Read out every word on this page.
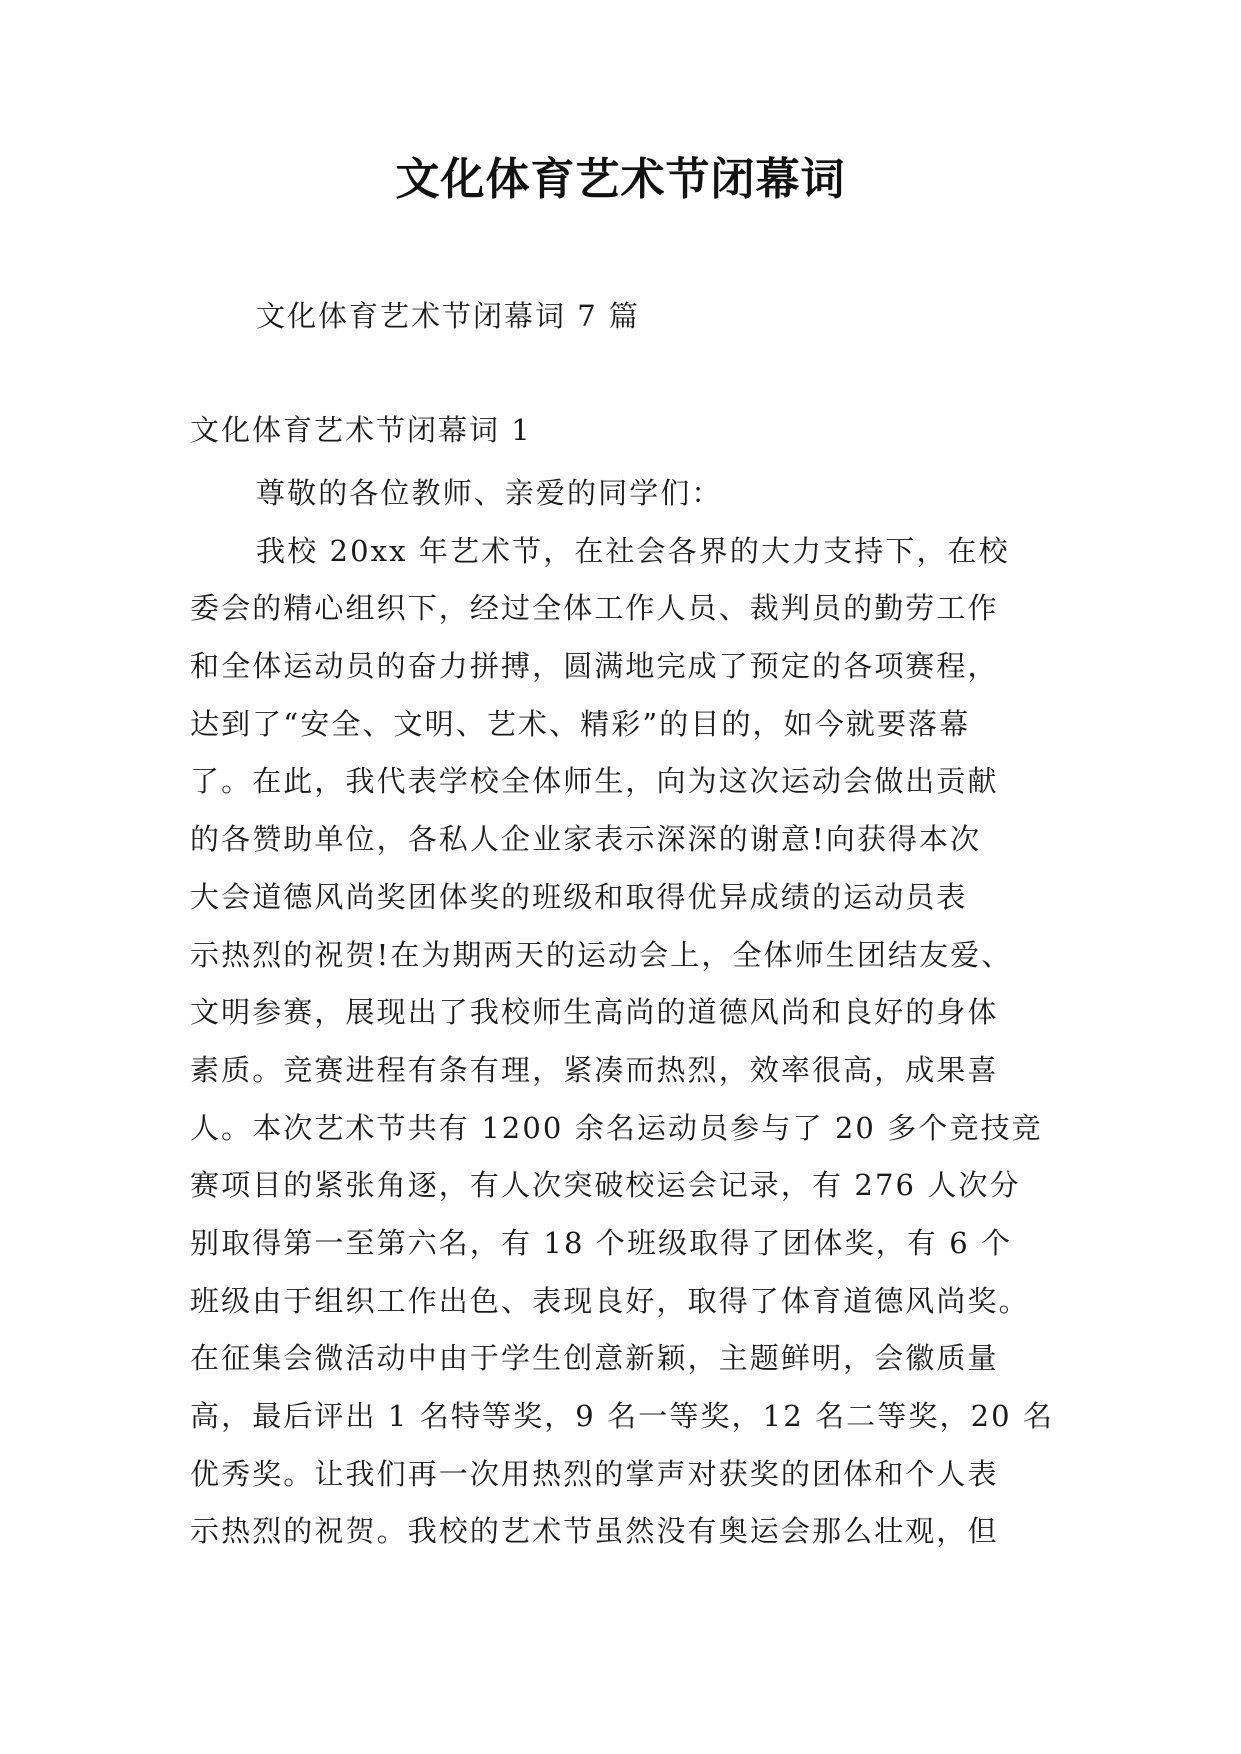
文化体育艺术节闭幕词
文化体育艺术节闭幕词 7 篇
文化体育艺术节闭幕词 1
尊敬的各位教师、亲爱的同学们：
我校 20xx 年艺术节，在社会各界的大力支持下，在校
委会的精心组织下，经过全体工作人员、裁判员的勤劳工作
和全体运动员的奋力拼搏，圆满地完成了预定的各项赛程，
达到了“安全、文明、艺术、精彩”的目的，如今就要落幕
了。在此，我代表学校全体师生，向为这次运动会做出贡献
的各赞助单位，各私人企业家表示深深的谢意!向获得本次
大会道德风尚奖团体奖的班级和取得优异成绩的运动员表
示热烈的祝贺!在为期两天的运动会上，全体师生团结友爱、
文明参赛，展现出了我校师生高尚的道德风尚和良好的身体
素质。竞赛进程有条有理，紧凑而热烈，效率很高，成果喜
人。本次艺术节共有 1200 余名运动员参与了 20 多个竞技竞
赛项目的紧张角逐，有人次突破校运会记录，有 276 人次分
别取得第一至第六名，有 18 个班级取得了团体奖，有 6 个
班级由于组织工作出色、表现良好，取得了体育道德风尚奖。
在征集会微活动中由于学生创意新颖，主题鲜明，会徽质量
高，最后评出 1 名特等奖，9 名一等奖，12 名二等奖，20 名
优秀奖。让我们再一次用热烈的掌声对获奖的团体和个人表
示热烈的祝贺。我校的艺术节虽然没有奥运会那么壮观，但
